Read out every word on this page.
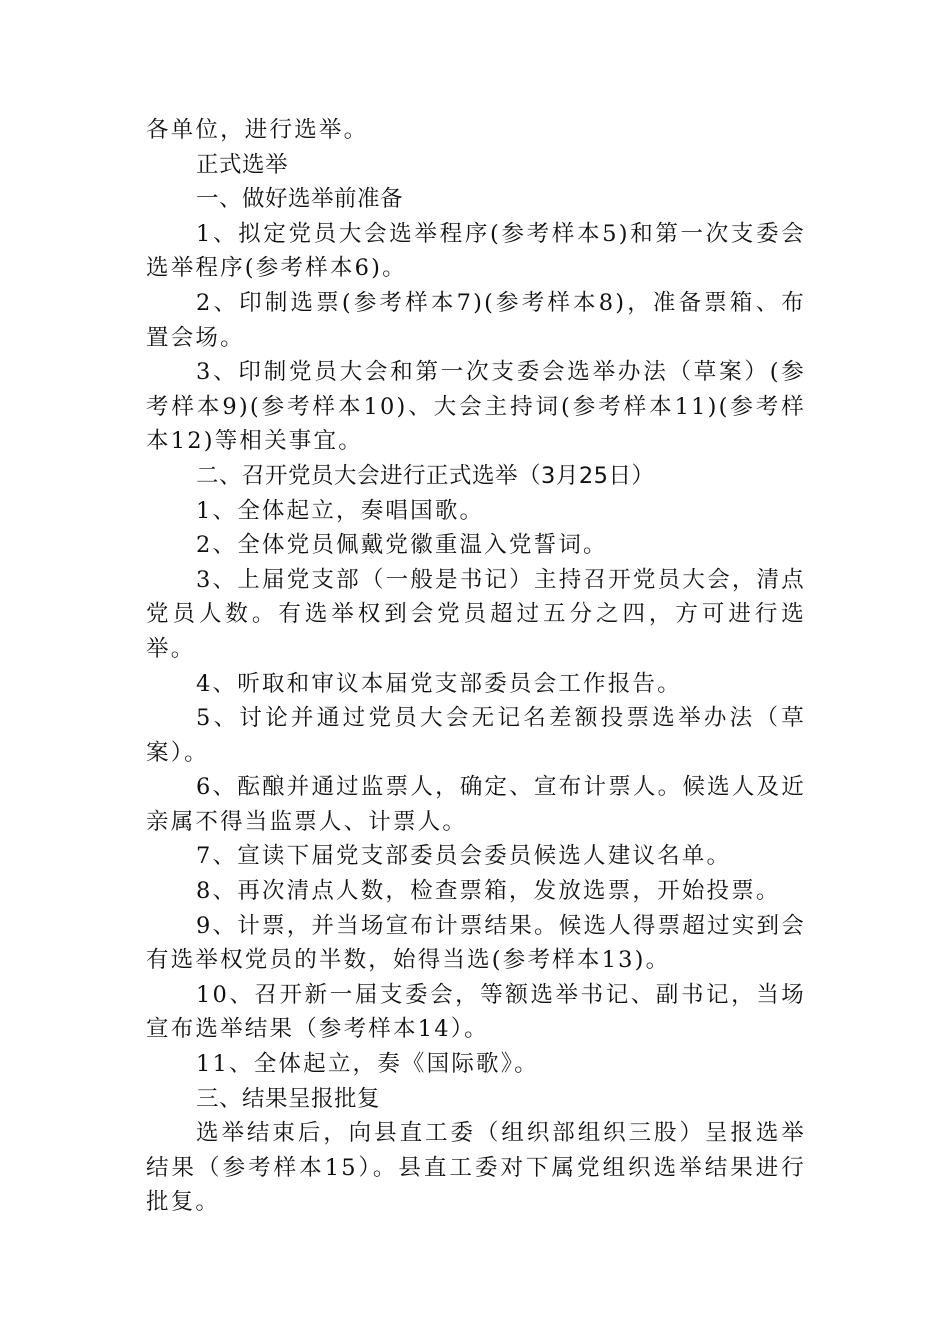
各单位，进行选举。

正式选举

一、做好选举前准备

1、拟定党员大会选举程序(参考样本5)和第一次支委会选举程序(参考样本6)。

2、印制选票(参考样本7)(参考样本8)，准备票箱、布置会场。

3、印制党员大会和第一次支委会选举办法（草案）(参考样本9)(参考样本10)、大会主持词(参考样本11)(参考样本12)等相关事宜。

二、召开党员大会进行正式选举（3月25日）

1、全体起立，奏唱国歌。

2、全体党员佩戴党徽重温入党誓词。

3、上届党支部（一般是书记）主持召开党员大会，清点党员人数。有选举权到会党员超过五分之四，方可进行选举。

4、听取和审议本届党支部委员会工作报告。

5、讨论并通过党员大会无记名差额投票选举办法（草案）。

6、酝酿并通过监票人，确定、宣布计票人。候选人及近亲属不得当监票人、计票人。

7、宣读下届党支部委员会委员候选人建议名单。

8、再次清点人数，检查票箱，发放选票，开始投票。

9、计票，并当场宣布计票结果。候选人得票超过实到会有选举权党员的半数，始得当选(参考样本13)。

10、召开新一届支委会，等额选举书记、副书记，当场宣布选举结果（参考样本14）。

11、全体起立，奏《国际歌》。

三、结果呈报批复

选举结束后，向县直工委（组织部组织三股）呈报选举结果（参考样本15）。县直工委对下属党组织选举结果进行批复。
